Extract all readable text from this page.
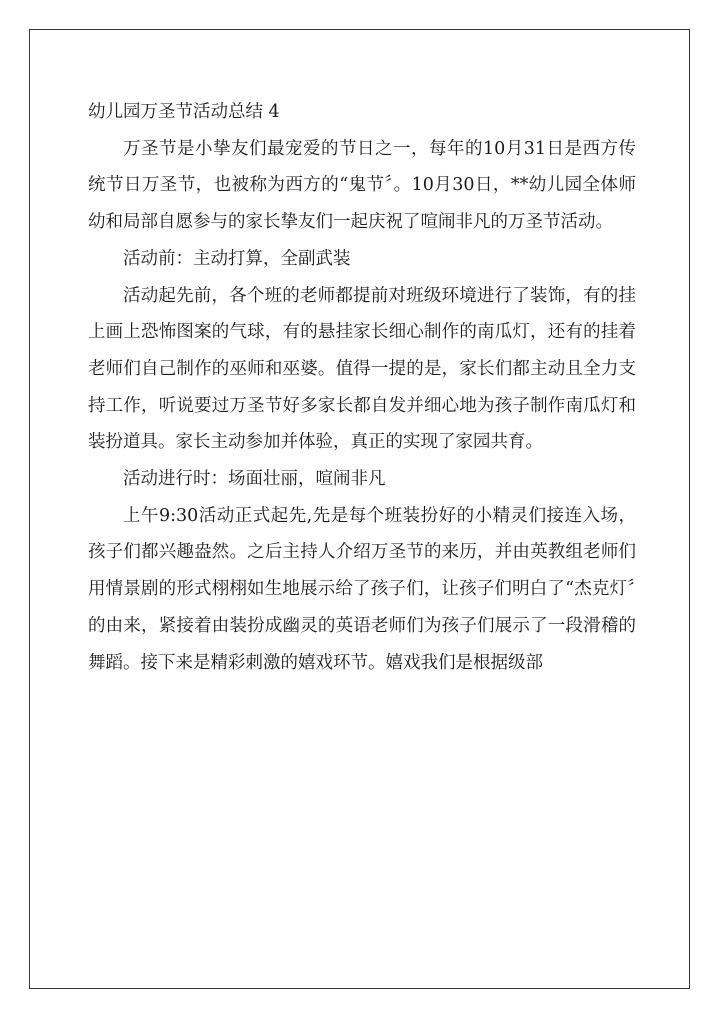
幼儿园万圣节活动总结 4

万圣节是小挚友们最宠爱的节日之一，每年的10月31日是西方传统节日万圣节，也被称为西方的“鬼节〞。10月30日，**幼儿园全体师幼和局部自愿参与的家长挚友们一起庆祝了喧闹非凡的万圣节活动。

活动前：主动打算，全副武装

活动起先前，各个班的老师都提前对班级环境进行了装饰，有的挂上画上恐怖图案的气球，有的悬挂家长细心制作的南瓜灯，还有的挂着老师们自己制作的巫师和巫婆。值得一提的是，家长们都主动且全力支持工作，听说要过万圣节好多家长都自发并细心地为孩子制作南瓜灯和装扮道具。家长主动参加并体验，真正的实现了家园共育。

活动进行时：场面壮丽，喧闹非凡

上午9:30活动正式起先,先是每个班装扮好的小精灵们接连入场，孩子们都兴趣盎然。之后主持人介绍万圣节的来历，并由英教组老师们用情景剧的形式栩栩如生地展示给了孩子们，让孩子们明白了“杰克灯〞的由来，紧接着由装扮成幽灵的英语老师们为孩子们展示了一段滑稽的舞蹈。接下来是精彩刺激的嬉戏环节。嬉戏我们是根据级部
